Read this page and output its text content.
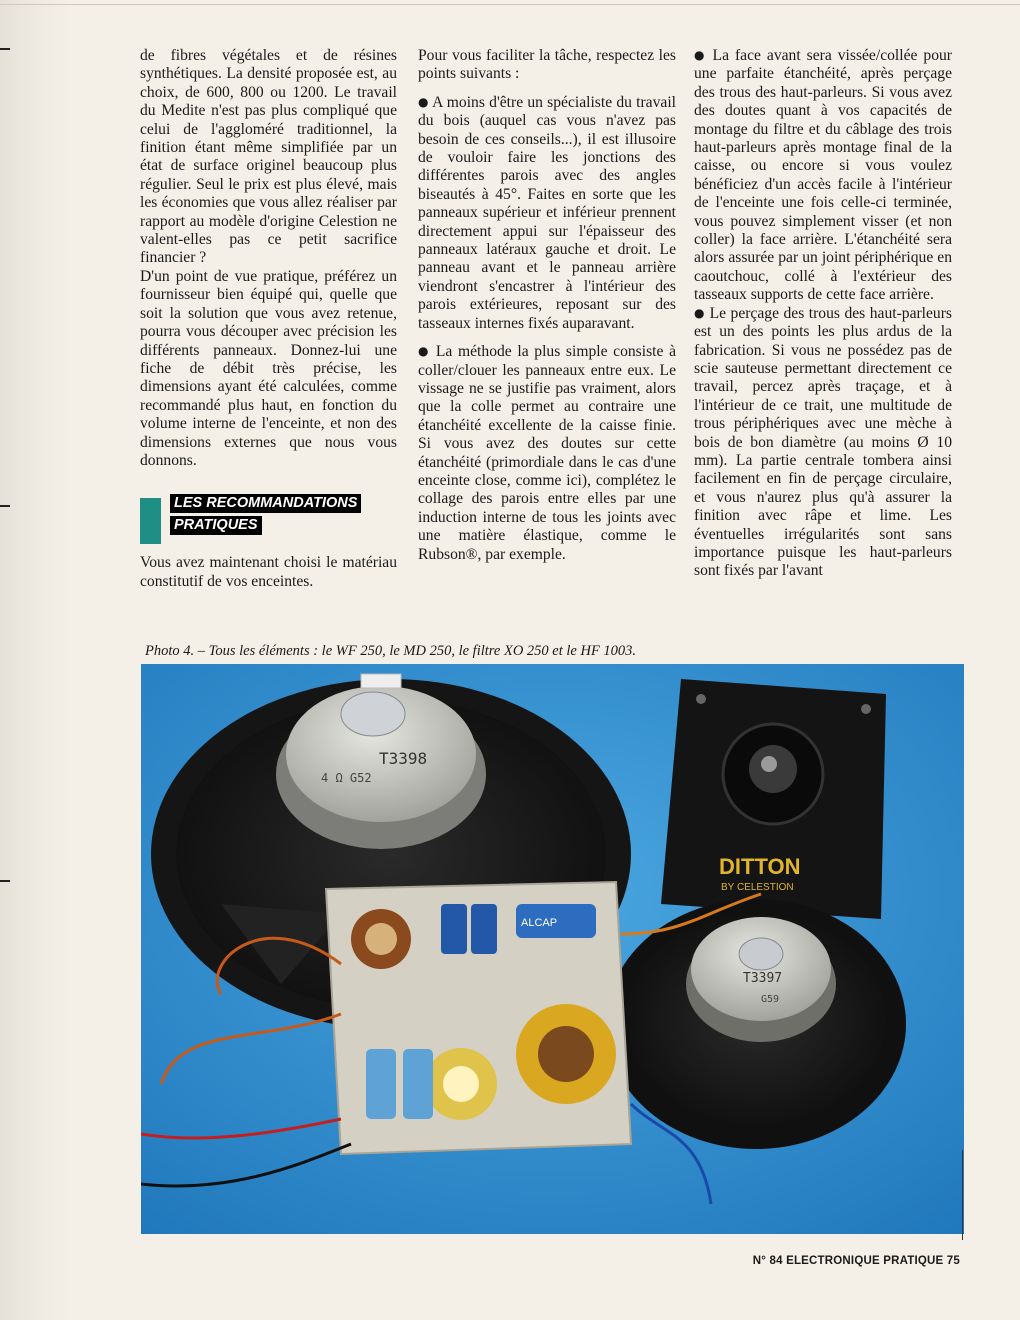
de fibres végétales et de résines synthétiques. La densité proposée est, au choix, de 600, 800 ou 1200. Le travail du Medite n'est pas plus compliqué que celui de l'aggloméré traditionnel, la finition étant même simplifiée par un état de surface originel beaucoup plus régulier. Seul le prix est plus élevé, mais les économies que vous allez réaliser par rapport au modèle d'origine Celestion ne valent-elles pas ce petit sacrifice financier ?

D'un point de vue pratique, préférez un fournisseur bien équipé qui, quelle que soit la solution que vous avez retenue, pourra vous découper avec précision les différents panneaux. Donnez-lui une fiche de débit très précise, les dimensions ayant été calculées, comme recommandé plus haut, en fonction du volume interne de l'enceinte, et non des dimensions externes que nous vous donnons.

LES RECOMMANDATIONS
PRATIQUES

Vous avez maintenant choisi le matériau constitutif de vos enceintes.

Pour vous faciliter la tâche, respectez les points suivants :

● A moins d'être un spécialiste du travail du bois (auquel cas vous n'avez pas besoin de ces conseils...), il est illusoire de vouloir faire les jonctions des différentes parois avec des angles biseautés à 45°. Faites en sorte que les panneaux supérieur et inférieur prennent directement appui sur l'épaisseur des panneaux latéraux gauche et droit. Le panneau avant et le panneau arrière viendront s'encastrer à l'intérieur des parois extérieures, reposant sur des tasseaux internes fixés auparavant.

● La méthode la plus simple consiste à coller/clouer les panneaux entre eux. Le vissage ne se justifie pas vraiment, alors que la colle permet au contraire une étanchéité excellente de la caisse finie. Si vous avez des doutes sur cette étanchéité (primordiale dans le cas d'une enceinte close, comme ici), complétez le collage des parois entre elles par une induction interne de tous les joints avec une matière élastique, comme le Rubson®, par exemple.

● La face avant sera vissée/collée pour une parfaite étanchéité, après perçage des trous des haut-parleurs. Si vous avez des doutes quant à vos capacités de montage du filtre et du câblage des trois haut-parleurs après montage final de la caisse, ou encore si vous voulez bénéficiez d'un accès facile à l'intérieur de l'enceinte une fois celle-ci terminée, vous pouvez simplement visser (et non coller) la face arrière. L'étanchéité sera alors assurée par un joint périphérique en caoutchouc, collé à l'extérieur des tasseaux supports de cette face arrière.

● Le perçage des trous des haut-parleurs est un des points les plus ardus de la fabrication. Si vous ne possédez pas de scie sauteuse permettant directement ce travail, percez après traçage, et à l'intérieur de ce trait, une multitude de trous périphériques avec une mèche à bois de bon diamètre (au moins Ø 10 mm). La partie centrale tombera ainsi facilement en fin de perçage circulaire, et vous n'aurez plus qu'à assurer la finition avec râpe et lime. Les éventuelles irrégularités sont sans importance puisque les haut-parleurs sont fixés par l'avant

Photo 4. – Tous les éléments : le WF 250, le MD 250, le filtre XO 250 et le HF 1003.
T3398
4 Ω G52
DITTON
BY CELESTION
T3397
G59
ALCAP
N° 84 ELECTRONIQUE PRATIQUE 75
